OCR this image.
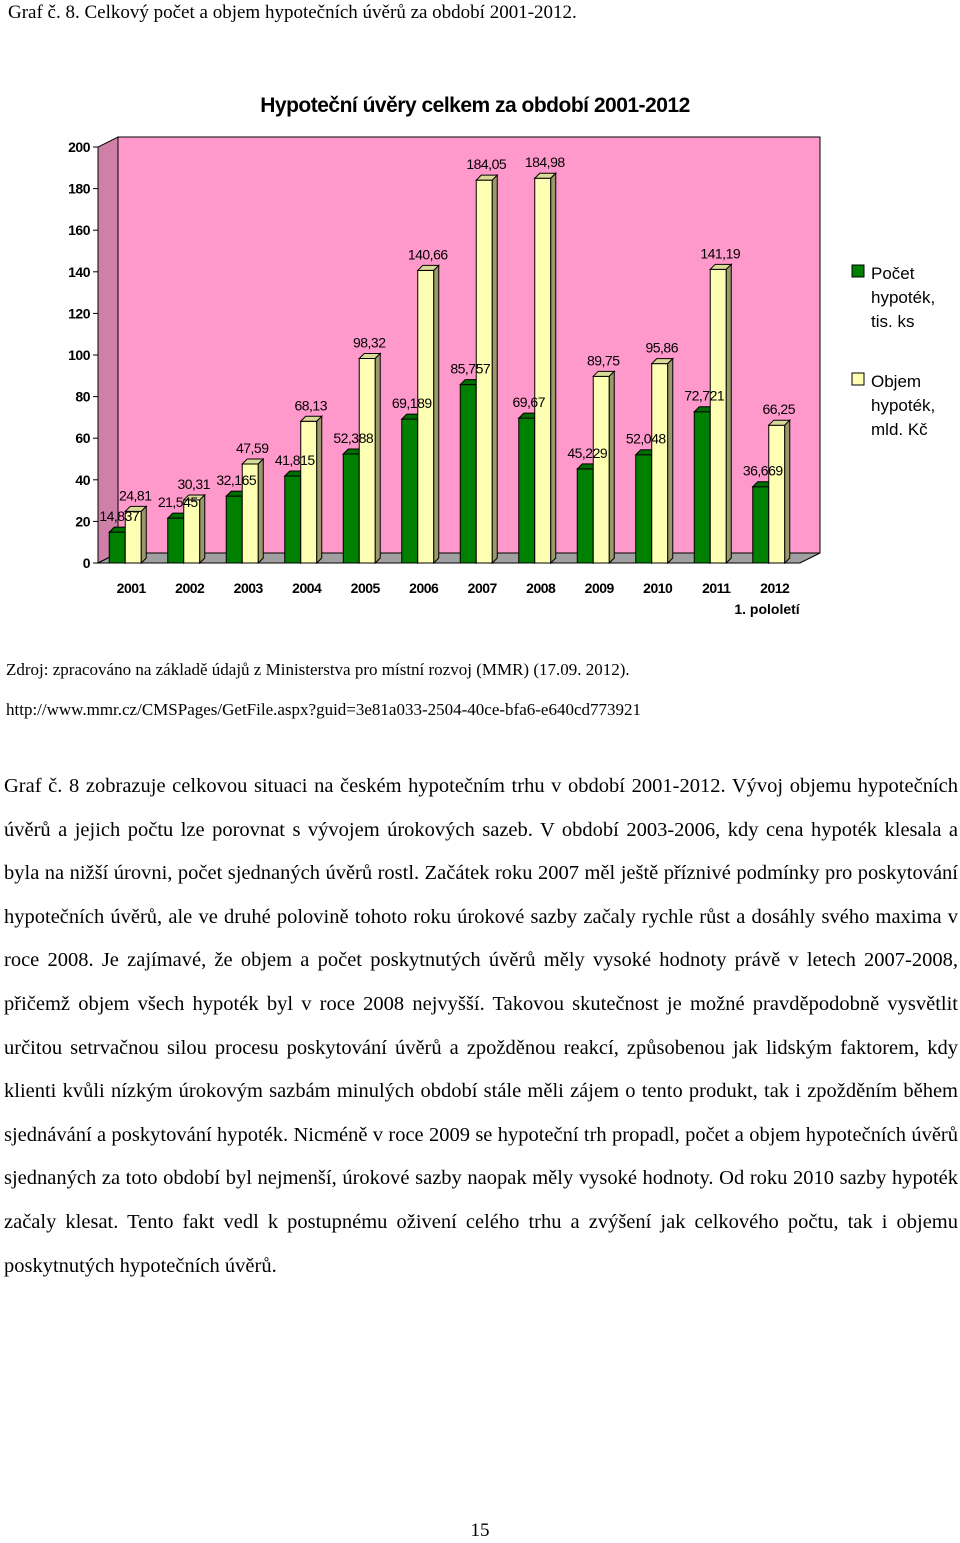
Graf č. 8. Celkový počet a objem hypotečních úvěrů za období 2001-2012.
Hypoteční úvěry celkem za období 2001-2012
0
20
40
60
80
100
120
140
160
180
200
14,837
24,81 21,545
30,31 32,165
47,59
41,815
68,13
52,388
98,32
69,189
140,66
85,757
184,05
69,67
184,98
45,229
89,75
52,048
95,86
72,721
141,19
36,669
66,25
2001 2002 2003 2004 2005 2006 2007 2008 2009 2010 2011 2012
1. pololetí
Počet
hypoték,
tis. ks
Objem
hypoték,
mld. Kč
Zdroj: zpracováno na základě údajů z Ministerstva pro místní rozvoj (MMR) (17.09. 2012).
http://www.mmr.cz/CMSPages/GetFile.aspx?guid=3e81a033-2504-40ce-bfa6-e640cd773921

Graf č. 8 zobrazuje celkovou situaci na českém hypotečním trhu v období 2001-2012. Vývoj objemu hypotečních úvěrů a jejich počtu lze porovnat s vývojem úrokových sazeb. V období 2003-2006, kdy cena hypoték klesala a byla na nižší úrovni, počet sjednaných úvěrů rostl. Začátek roku 2007 měl ještě příznivé podmínky pro poskytování hypotečních úvěrů, ale ve druhé polovině tohoto roku úrokové sazby začaly rychle růst a dosáhly svého maxima v roce 2008. Je zajímavé, že objem a počet poskytnutých úvěrů měly vysoké hodnoty právě v letech 2007-2008, přičemž objem všech hypoték byl v roce 2008 nejvyšší. Takovou skutečnost je možné pravděpodobně vysvětlit určitou setrvačnou silou procesu poskytování úvěrů a zpožděnou reakcí, způsobenou jak lidským faktorem, kdy klienti kvůli nízkým úrokovým sazbám minulých období stále měli zájem o tento produkt, tak i zpožděním během sjednávání a poskytování hypoték. Nicméně v roce 2009 se hypoteční trh propadl, počet a objem hypotečních úvěrů sjednaných za toto období byl nejmenší, úrokové sazby naopak měly vysoké hodnoty. Od roku 2010 sazby hypoték začaly klesat. Tento fakt vedl k postupnému oživení celého trhu a zvýšení jak celkového počtu, tak i objemu poskytnutých hypotečních úvěrů.

15
